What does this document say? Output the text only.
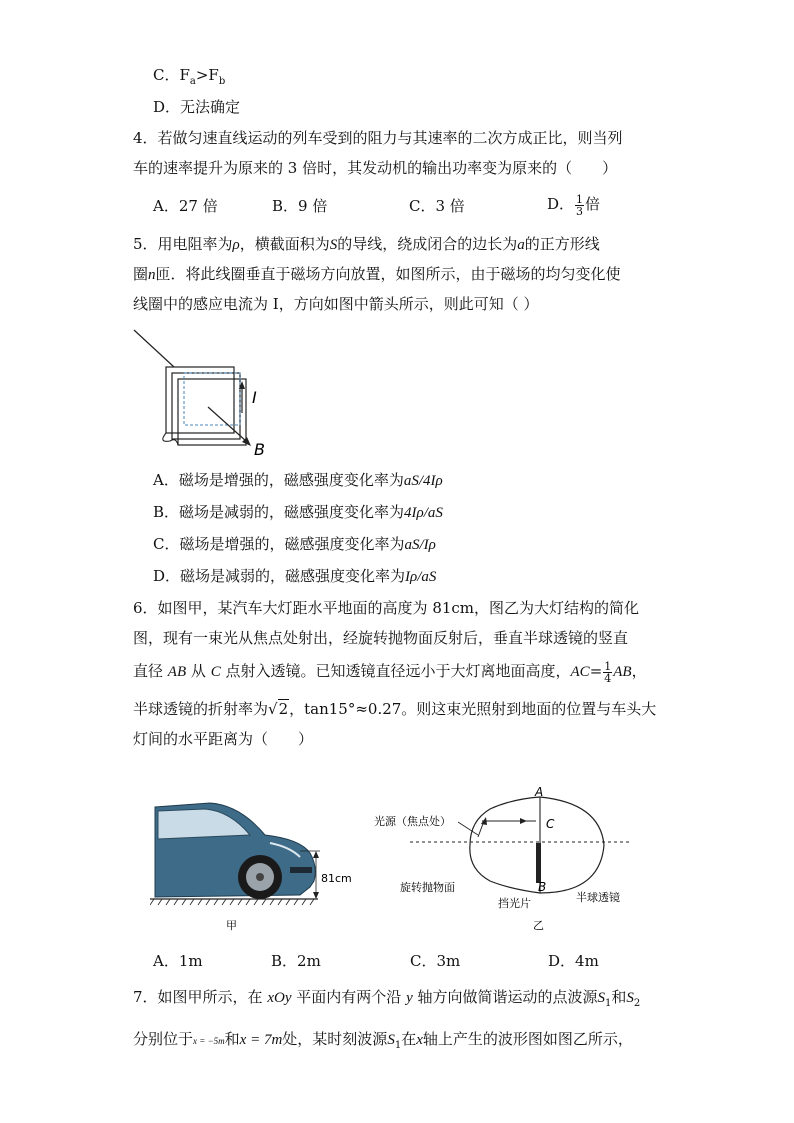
C．$F_a>F_b$
D．无法确定
4．若做匀速直线运动的列车受到的阻力与其速率的二次方成正比，则当列
车的速率提升为原来的 3 倍时，其发动机的输出功率变为原来的（　　）
A．27 倍	B．9 倍	C．3 倍	D． $\frac{1}{3}$ 倍
5．用电阻率为ρ，横截面积为S的导线，绕成闭合的边长为a的正方形线
圈n匝．将此线圈垂直于磁场方向放置，如图所示，由于磁场的均匀变化使
线圈中的感应电流为 I，方向如图中箭头所示，则此可知（ ）
I
B
A．磁场是增强的，磁感强度变化率为aS/4Iρ
B．磁场是减弱的，磁感强度变化率为4Iρ/aS
C．磁场是增强的，磁感强度变化率为aS/Iρ
D．磁场是减弱的，磁感强度变化率为Iρ/aS
6．如图甲，某汽车大灯距水平地面的高度为 81cm，图乙为大灯结构的简化
图，现有一束光从焦点处射出，经旋转抛物面反射后，垂直半球透镜的竖直
直径 AB 从 C 点射入透镜。已知透镜直径远小于大灯离地面高度，$AC= \frac{1}{4}$ AB，
半球透镜的折射率为√2，tan15°≈0.27。则这束光照射到地面的位置与车头大
灯间的水平距离为（　　）
81cm
甲
A
C
B
光源（焦点处）
旋转抛物面
挡光片	半球透镜
乙
A．1m	B．2m	C．3m	D．4m
7．如图甲所示，在 xOy 平面内有两个沿 y 轴方向做简谐运动的点波源$S_1$和$S_2$
分别位于x = −5m和x = 7m处，某时刻波源$S_1$在x轴上产生的波形图如图乙所示，
